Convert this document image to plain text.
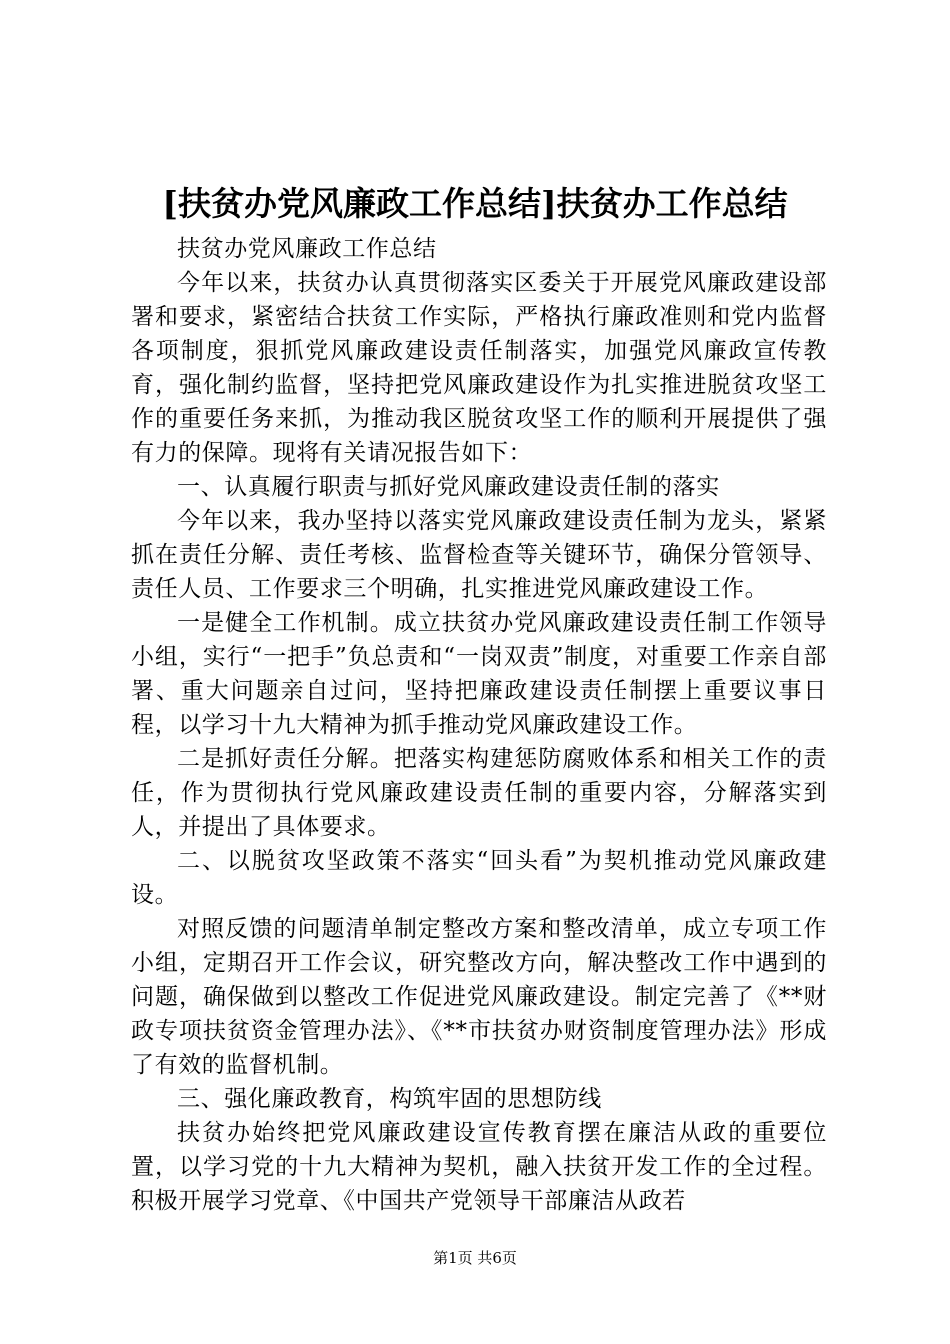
[扶贫办党风廉政工作总结]扶贫办工作总结

扶贫办党风廉政工作总结

今年以来，扶贫办认真贯彻落实区委关于开展党风廉政建设部署和要求，紧密结合扶贫工作实际，严格执行廉政准则和党内监督各项制度，狠抓党风廉政建设责任制落实，加强党风廉政宣传教育，强化制约监督，坚持把党风廉政建设作为扎实推进脱贫攻坚工作的重要任务来抓，为推动我区脱贫攻坚工作的顺利开展提供了强有力的保障。现将有关请况报告如下：

一、认真履行职责与抓好党风廉政建设责任制的落实

今年以来，我办坚持以落实党风廉政建设责任制为龙头，紧紧抓在责任分解、责任考核、监督检查等关键环节，确保分管领导、责任人员、工作要求三个明确，扎实推进党风廉政建设工作。

一是健全工作机制。成立扶贫办党风廉政建设责任制工作领导小组，实行“一把手”负总责和“一岗双责”制度，对重要工作亲自部署、重大问题亲自过问，坚持把廉政建设责任制摆上重要议事日程，以学习十九大精神为抓手推动党风廉政建设工作。

二是抓好责任分解。把落实构建惩防腐败体系和相关工作的责任，作为贯彻执行党风廉政建设责任制的重要内容，分解落实到人，并提出了具体要求。

二、以脱贫攻坚政策不落实“回头看”为契机推动党风廉政建设。

对照反馈的问题清单制定整改方案和整改清单，成立专项工作小组，定期召开工作会议，研究整改方向，解决整改工作中遇到的问题，确保做到以整改工作促进党风廉政建设。制定完善了《**财政专项扶贫资金管理办法》、《**市扶贫办财资制度管理办法》形成了有效的监督机制。

三、强化廉政教育，构筑牢固的思想防线

扶贫办始终把党风廉政建设宣传教育摆在廉洁从政的重要位置，以学习党的十九大精神为契机，融入扶贫开发工作的全过程。积极开展学习党章、《中国共产党领导干部廉洁从政若

第1页 共6页
